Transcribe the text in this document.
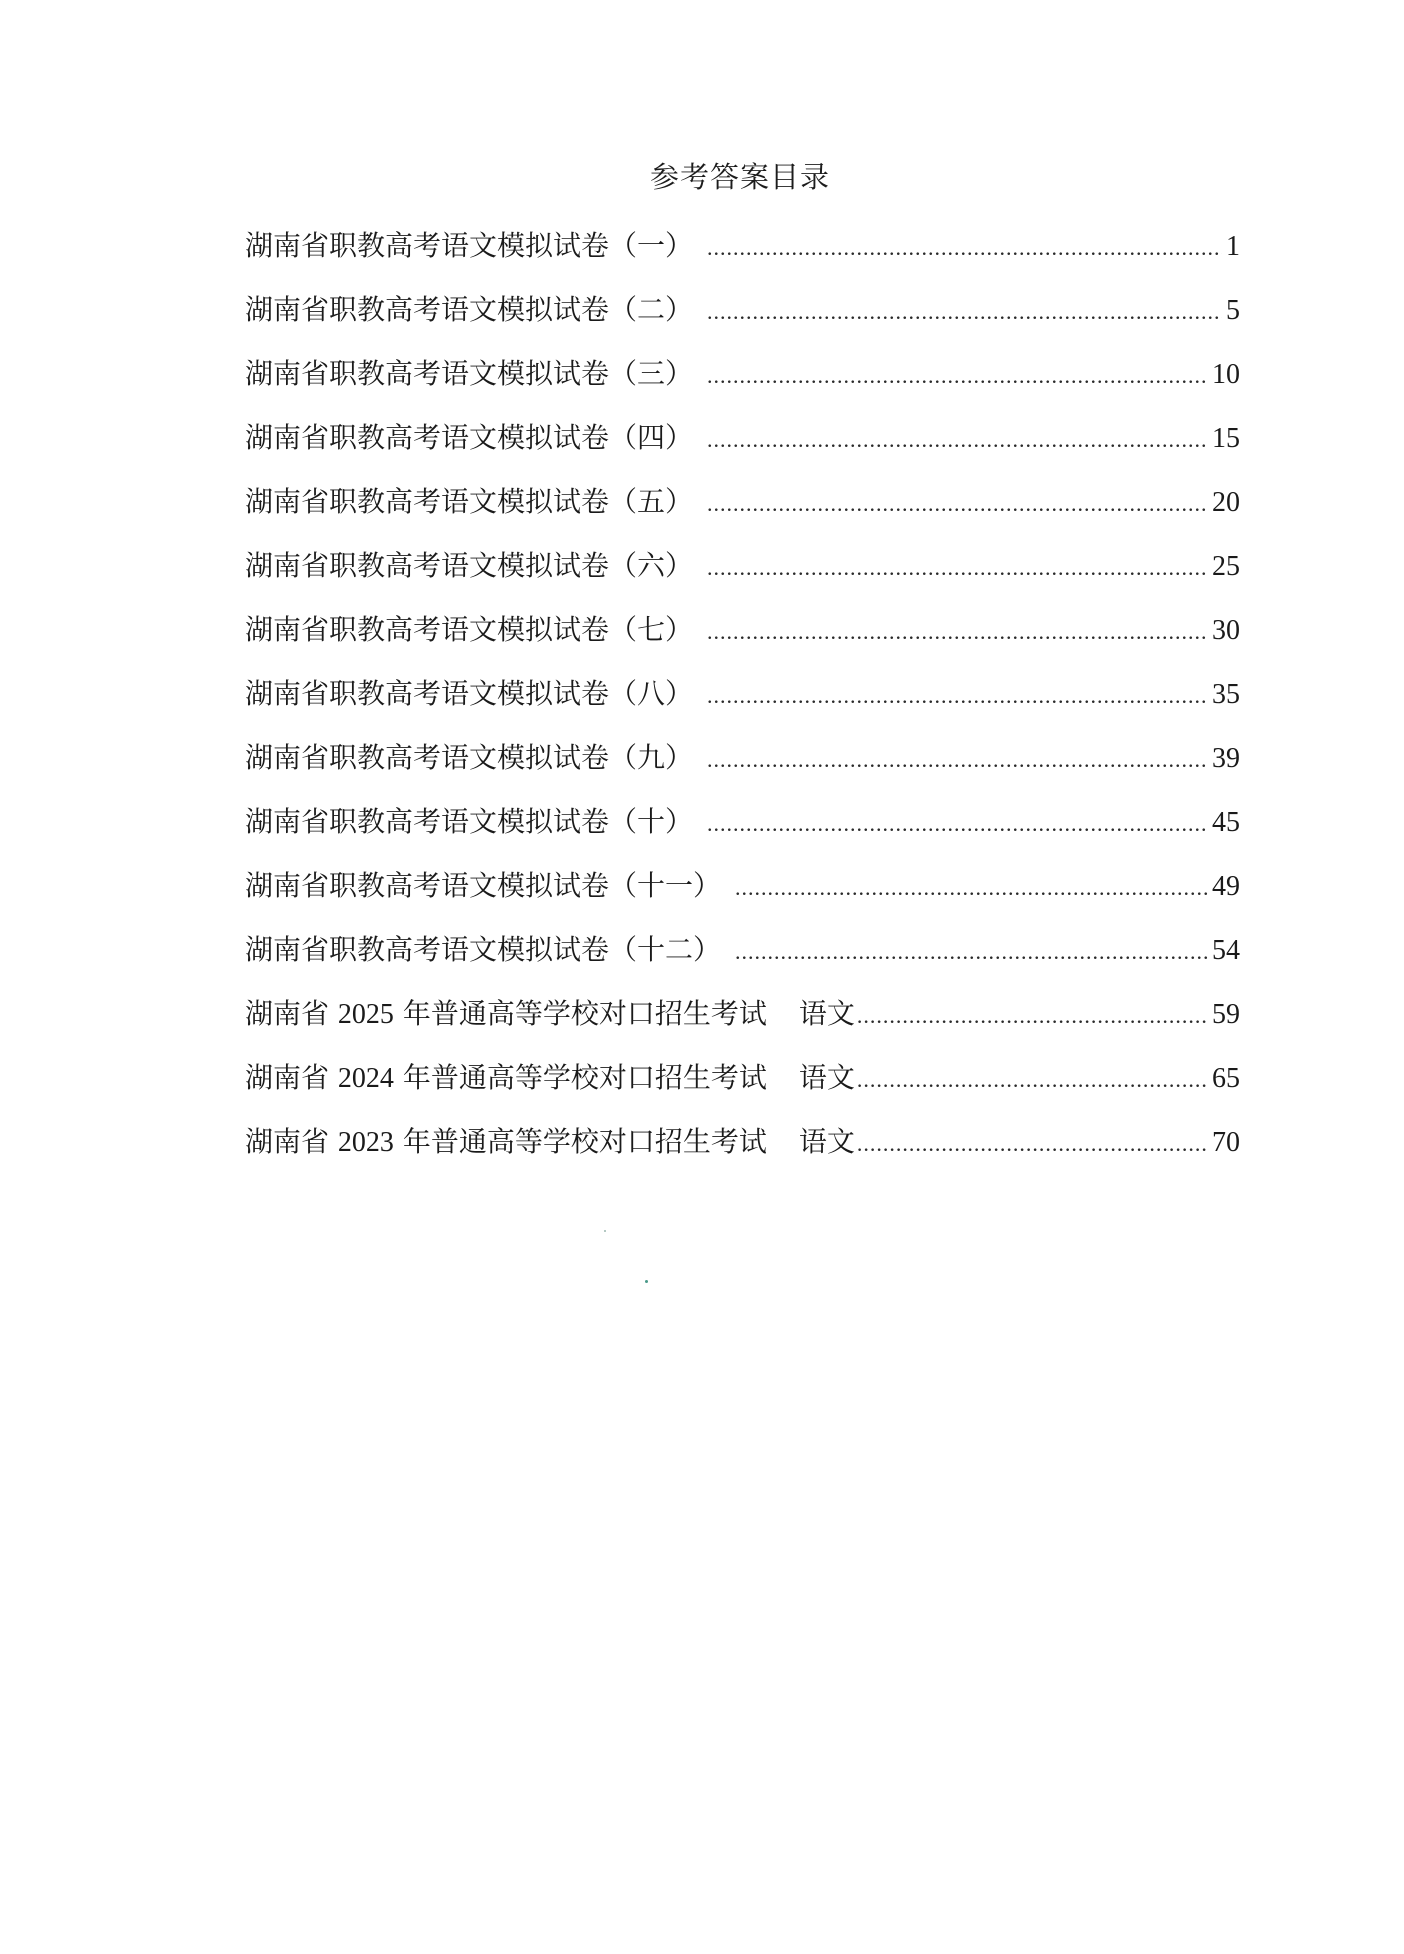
参考答案目录
湖南省职教高考语文模拟试卷（一） .....	1
湖南省职教高考语文模拟试卷（二） .....	5
湖南省职教高考语文模拟试卷（三） .....	10
湖南省职教高考语文模拟试卷（四） .....	15
湖南省职教高考语文模拟试卷（五） .....	20
湖南省职教高考语文模拟试卷（六） .....	25
湖南省职教高考语文模拟试卷（七） .....	30
湖南省职教高考语文模拟试卷（八） .....	35
湖南省职教高考语文模拟试卷（九） .....	39
湖南省职教高考语文模拟试卷（十） .....	45
湖南省职教高考语文模拟试卷（十一） .....	49
湖南省职教高考语文模拟试卷（十二） .....	54
湖南省 2025 年普通高等学校对口招生考试 语文 .....	59
湖南省 2024 年普通高等学校对口招生考试 语文 .....	65
湖南省 2023 年普通高等学校对口招生考试 语文 .....	70
